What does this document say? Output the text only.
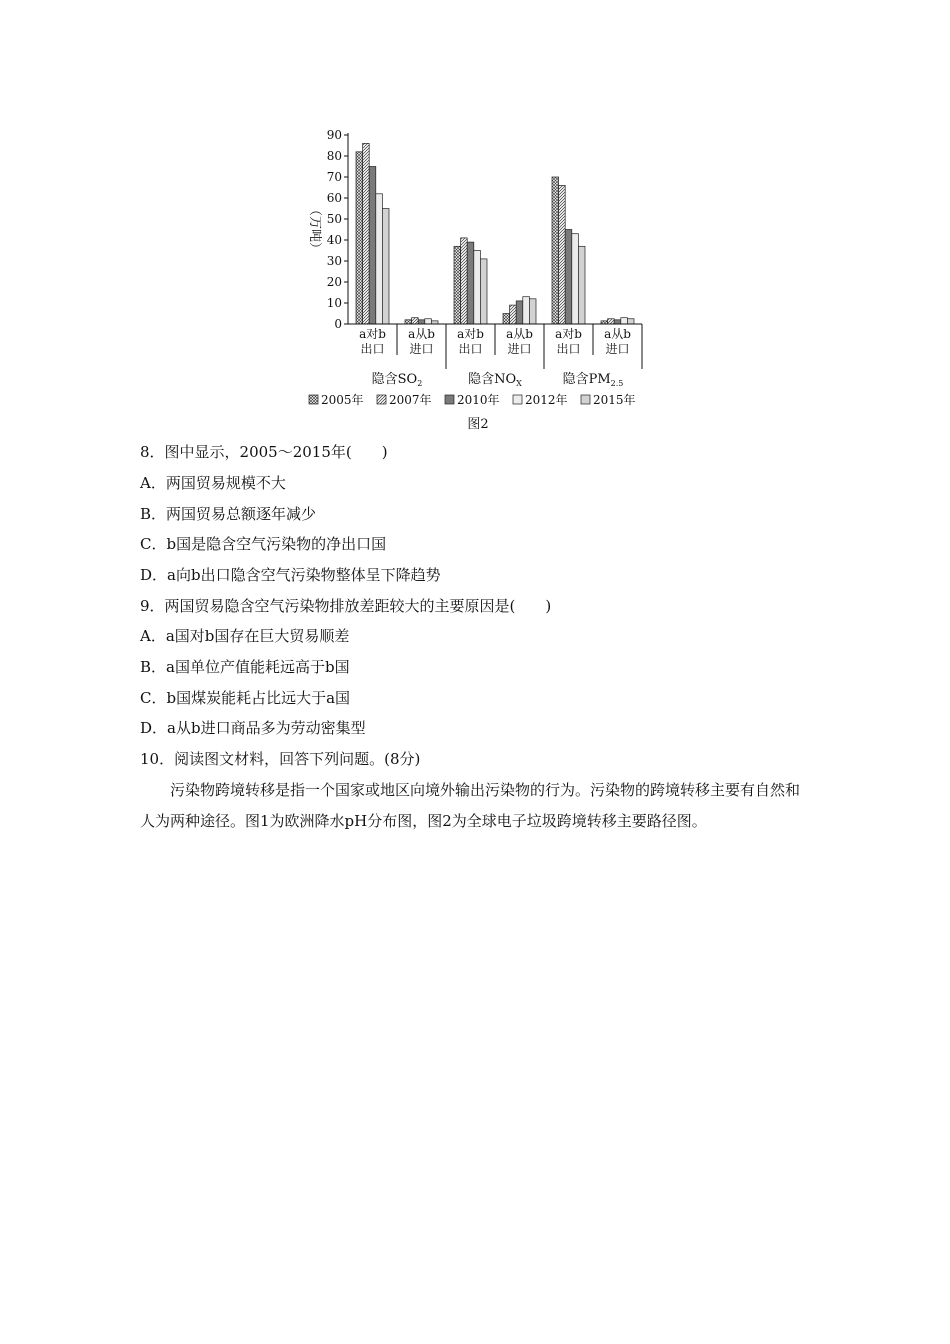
（万吨）
0
10
20
30
40
50
60
70
80
90
a对b
出口
a从b
进口
a对b
出口
a从b
进口
a对b
出口
a从b
进口
隐含$SO_2$	隐含$NO_X$	隐含$PM_{2.5}$
2005年 2007年 2010年 2012年 2015年
图2
8．图中显示，2005～2015年(　　)
A．两国贸易规模不大
B．两国贸易总额逐年减少
C．b国是隐含空气污染物的净出口国
D．a向b出口隐含空气污染物整体呈下降趋势
9．两国贸易隐含空气污染物排放差距较大的主要原因是(　　)
A．a国对b国存在巨大贸易顺差
B．a国单位产值能耗远高于b国
C．b国煤炭能耗占比远大于a国
D．a从b进口商品多为劳动密集型
10．阅读图文材料，回答下列问题。(8分)
污染物跨境转移是指一个国家或地区向境外输出污染物的行为。污染物的跨境转移主要有自然和人为两种途径。图1为欧洲降水pH分布图，图2为全球电子垃圾跨境转移主要路径图。
